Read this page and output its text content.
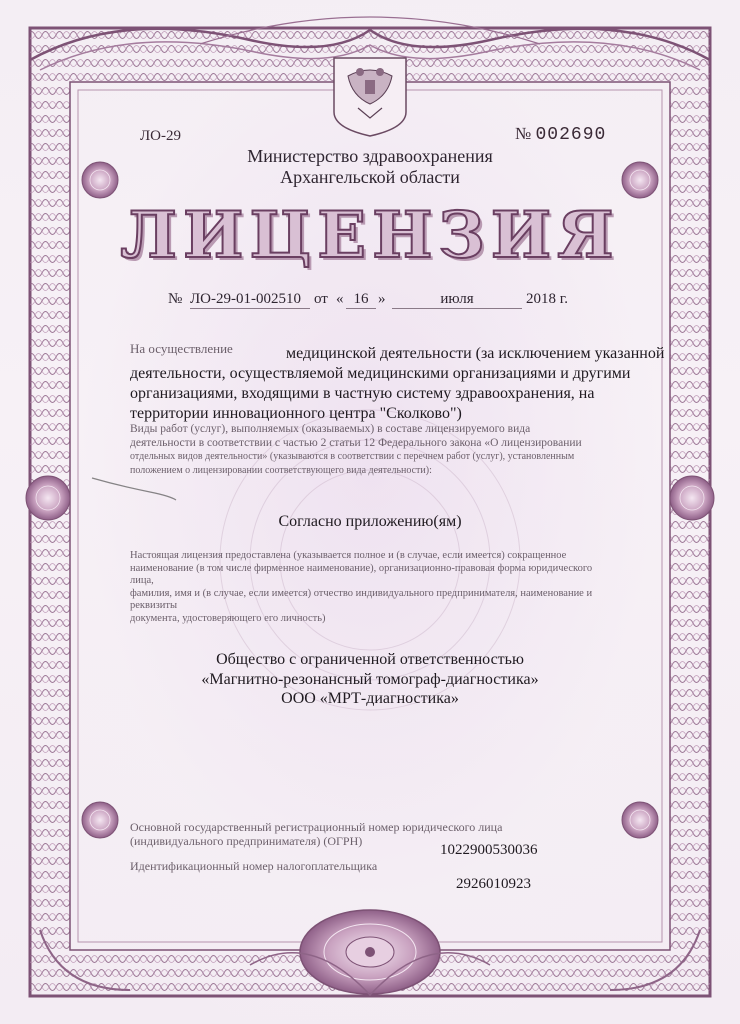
ЛО-29	№ 002690
Министерство здравоохранения
Архангельской области
ЛИЦЕНЗИЯ
№ ЛО-29-01-002510 от « 16 »	июля	2018 г.
На осуществление	медицинской деятельности (за исключением указанной
деятельности, осуществляемой медицинскими организациями и другими
организациями, входящими в частную систему здравоохранения, на
территории инновационного центра "Сколково")
Виды работ (услуг), выполняемых (оказываемых) в составе лицензируемого вида
деятельности в соответствии с частью 2 статьи 12 Федерального закона «О лицензировании
отдельных видов деятельности» (указываются в соответствии с перечнем работ (услуг), установленным
положением о лицензировании соответствующего вида деятельности):
Согласно приложению(ям)
Настоящая лицензия предоставлена (указывается полное и (в случае, если имеется) сокращенное
наименование (в том числе фирменное наименование), организационно-правовая форма юридического лица,
фамилия, имя и (в случае, если имеется) отчество индивидуального предпринимателя, наименование и реквизиты
документа, удостоверяющего его личность)
Общество с ограниченной ответственностью
«Магнитно-резонансный томограф-диагностика»
ООО «МРТ-диагностика»
Основной государственный регистрационный номер юридического лица
(индивидуального предпринимателя) (ОГРН)
1022900530036
Идентификационный номер налогоплательщика
2926010923
